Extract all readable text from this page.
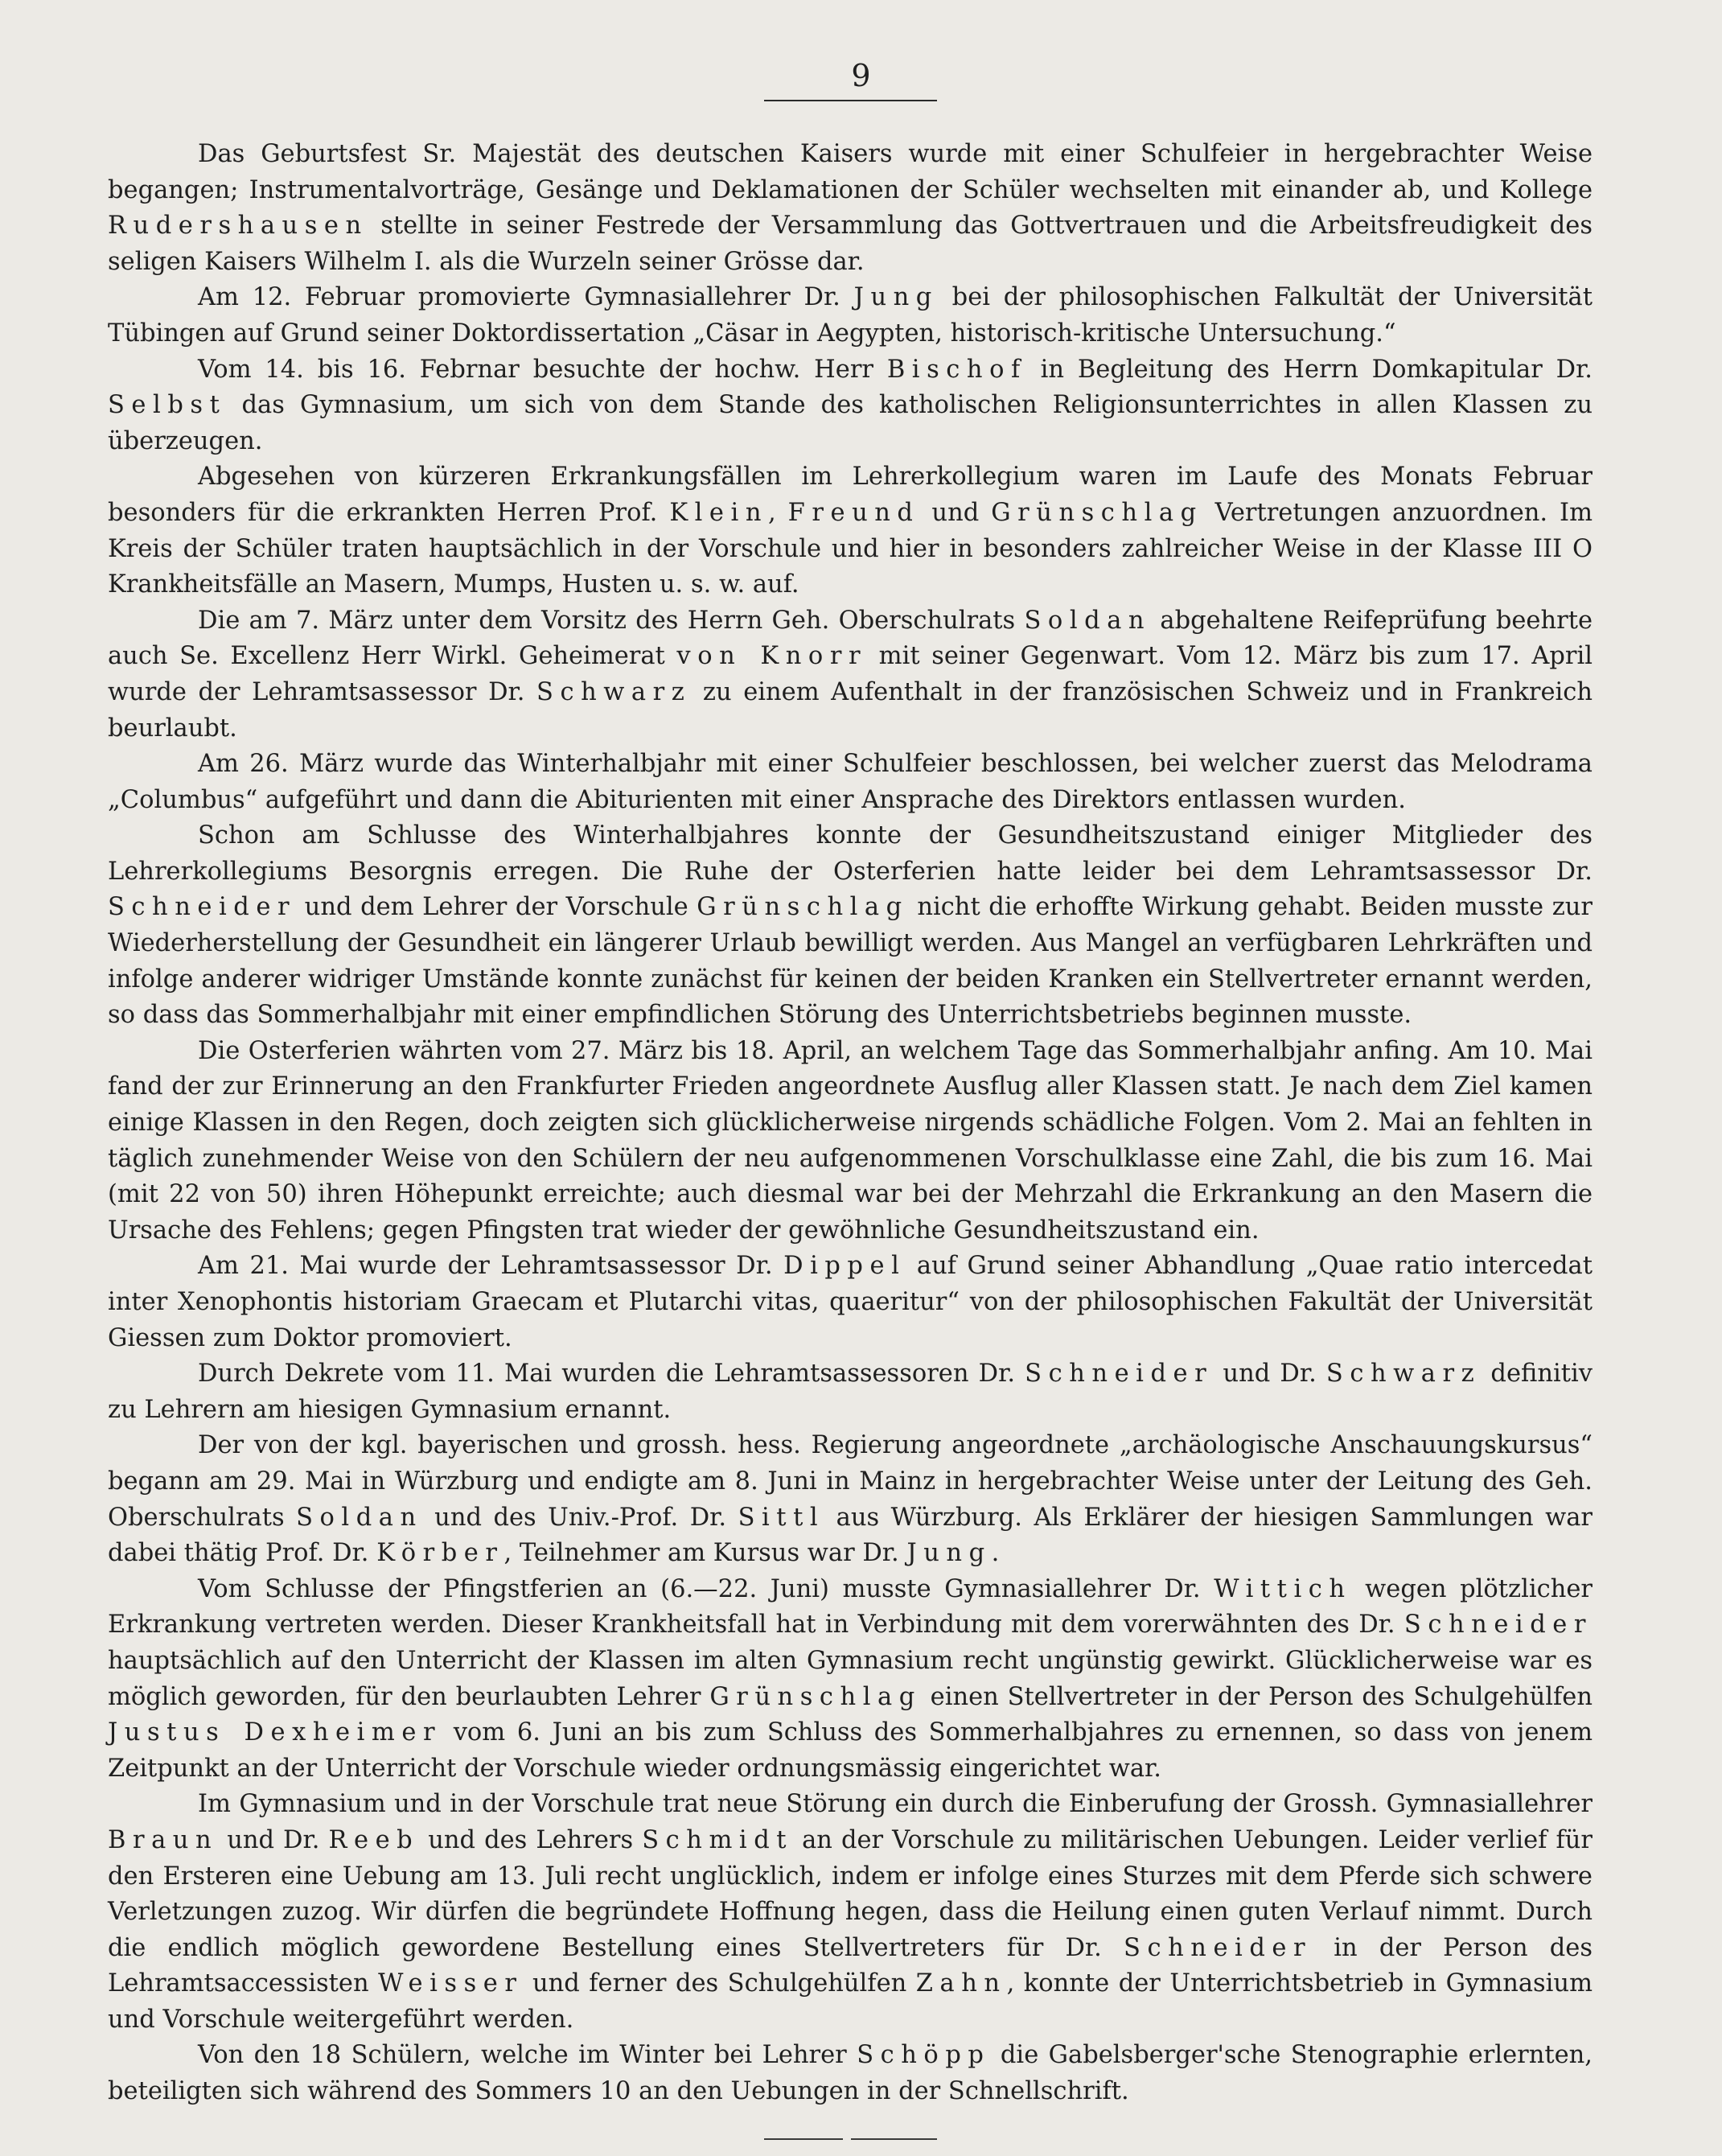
9

Das Geburtsfest Sr. Majestät des deutschen Kaisers wurde mit einer Schulfeier in hergebrachter Weise begangen; Instrumentalvorträge, Gesänge und Deklamationen der Schüler wechselten mit einander ab, und Kollege Rudershausen stellte in seiner Festrede der Versammlung das Gottvertrauen und die Arbeitsfreudigkeit des seligen Kaisers Wilhelm I. als die Wurzeln seiner Grösse dar.

Am 12. Februar promovierte Gymnasiallehrer Dr. Jung bei der philosophischen Falkultät der Universität Tübingen auf Grund seiner Doktordissertation „Cäsar in Aegypten, historisch-kritische Untersuchung.“

Vom 14. bis 16. Febrnar besuchte der hochw. Herr Bischof in Begleitung des Herrn Domkapitular Dr. Selbst das Gymnasium, um sich von dem Stande des katholischen Religionsunterrichtes in allen Klassen zu überzeugen.

Abgesehen von kürzeren Erkrankungsfällen im Lehrerkollegium waren im Laufe des Monats Februar besonders für die erkrankten Herren Prof. Klein, Freund und Grünschlag Vertretungen anzuordnen. Im Kreis der Schüler traten hauptsächlich in der Vorschule und hier in besonders zahlreicher Weise in der Klasse III O Krankheitsfälle an Masern, Mumps, Husten u. s. w. auf.

Die am 7. März unter dem Vorsitz des Herrn Geh. Oberschulrats Soldan abgehaltene Reifeprüfung beehrte auch Se. Excellenz Herr Wirkl. Geheimerat von Knorr mit seiner Gegenwart. Vom 12. März bis zum 17. April wurde der Lehramtsassessor Dr. Schwarz zu einem Aufenthalt in der französischen Schweiz und in Frankreich beurlaubt.

Am 26. März wurde das Winterhalbjahr mit einer Schulfeier beschlossen, bei welcher zuerst das Melodrama „Columbus“ aufgeführt und dann die Abiturienten mit einer Ansprache des Direktors entlassen wurden.

Schon am Schlusse des Winterhalbjahres konnte der Gesundheitszustand einiger Mitglieder des Lehrerkollegiums Besorgnis erregen. Die Ruhe der Osterferien hatte leider bei dem Lehramtsassessor Dr. Schneider und dem Lehrer der Vorschule Grünschlag nicht die erhoffte Wirkung gehabt. Beiden musste zur Wiederherstellung der Gesundheit ein längerer Urlaub bewilligt werden. Aus Mangel an verfügbaren Lehrkräften und infolge anderer widriger Umstände konnte zunächst für keinen der beiden Kranken ein Stellvertreter ernannt werden, so dass das Sommerhalbjahr mit einer empfindlichen Störung des Unterrichtsbetriebs beginnen musste.

Die Osterferien währten vom 27. März bis 18. April, an welchem Tage das Sommerhalbjahr anfing. Am 10. Mai fand der zur Erinnerung an den Frankfurter Frieden angeordnete Ausflug aller Klassen statt. Je nach dem Ziel kamen einige Klassen in den Regen, doch zeigten sich glücklicherweise nirgends schädliche Folgen. Vom 2. Mai an fehlten in täglich zunehmender Weise von den Schülern der neu aufgenommenen Vorschulklasse eine Zahl, die bis zum 16. Mai (mit 22 von 50) ihren Höhepunkt erreichte; auch diesmal war bei der Mehrzahl die Erkrankung an den Masern die Ursache des Fehlens; gegen Pfingsten trat wieder der gewöhnliche Gesundheitszustand ein.

Am 21. Mai wurde der Lehramtsassessor Dr. Dippel auf Grund seiner Abhandlung „Quae ratio intercedat inter Xenophontis historiam Graecam et Plutarchi vitas, quaeritur“ von der philosophischen Fakultät der Universität Giessen zum Doktor promoviert.

Durch Dekrete vom 11. Mai wurden die Lehramtsassessoren Dr. Schneider und Dr. Schwarz definitiv zu Lehrern am hiesigen Gymnasium ernannt.

Der von der kgl. bayerischen und grossh. hess. Regierung angeordnete „archäologische Anschauungskursus“ begann am 29. Mai in Würzburg und endigte am 8. Juni in Mainz in hergebrachter Weise unter der Leitung des Geh. Oberschulrats Soldan und des Univ.-Prof. Dr. Sittl aus Würzburg. Als Erklärer der hiesigen Sammlungen war dabei thätig Prof. Dr. Körber, Teilnehmer am Kursus war Dr. Jung.

Vom Schlusse der Pfingstferien an (6.—22. Juni) musste Gymnasiallehrer Dr. Wittich wegen plötzlicher Erkrankung vertreten werden. Dieser Krankheitsfall hat in Verbindung mit dem vorerwähnten des Dr. Schneider hauptsächlich auf den Unterricht der Klassen im alten Gymnasium recht ungünstig gewirkt. Glücklicherweise war es möglich geworden, für den beurlaubten Lehrer Grünschlag einen Stellvertreter in der Person des Schulgehülfen Justus Dexheimer vom 6. Juni an bis zum Schluss des Sommerhalbjahres zu ernennen, so dass von jenem Zeitpunkt an der Unterricht der Vorschule wieder ordnungsmässig eingerichtet war.

Im Gymnasium und in der Vorschule trat neue Störung ein durch die Einberufung der Grossh. Gymnasiallehrer Braun und Dr. Reeb und des Lehrers Schmidt an der Vorschule zu militärischen Uebungen. Leider verlief für den Ersteren eine Uebung am 13. Juli recht unglücklich, indem er infolge eines Sturzes mit dem Pferde sich schwere Verletzungen zuzog. Wir dürfen die begründete Hoffnung hegen, dass die Heilung einen guten Verlauf nimmt. Durch die endlich möglich gewordene Bestellung eines Stellvertreters für Dr. Schneider in der Person des Lehramtsaccessisten Weisser und ferner des Schulgehülfen Zahn, konnte der Unterrichtsbetrieb in Gymnasium und Vorschule weitergeführt werden.

Von den 18 Schülern, welche im Winter bei Lehrer Schöpp die Gabelsberger'sche Stenographie erlernten, beteiligten sich während des Sommers 10 an den Uebungen in der Schnellschrift.
